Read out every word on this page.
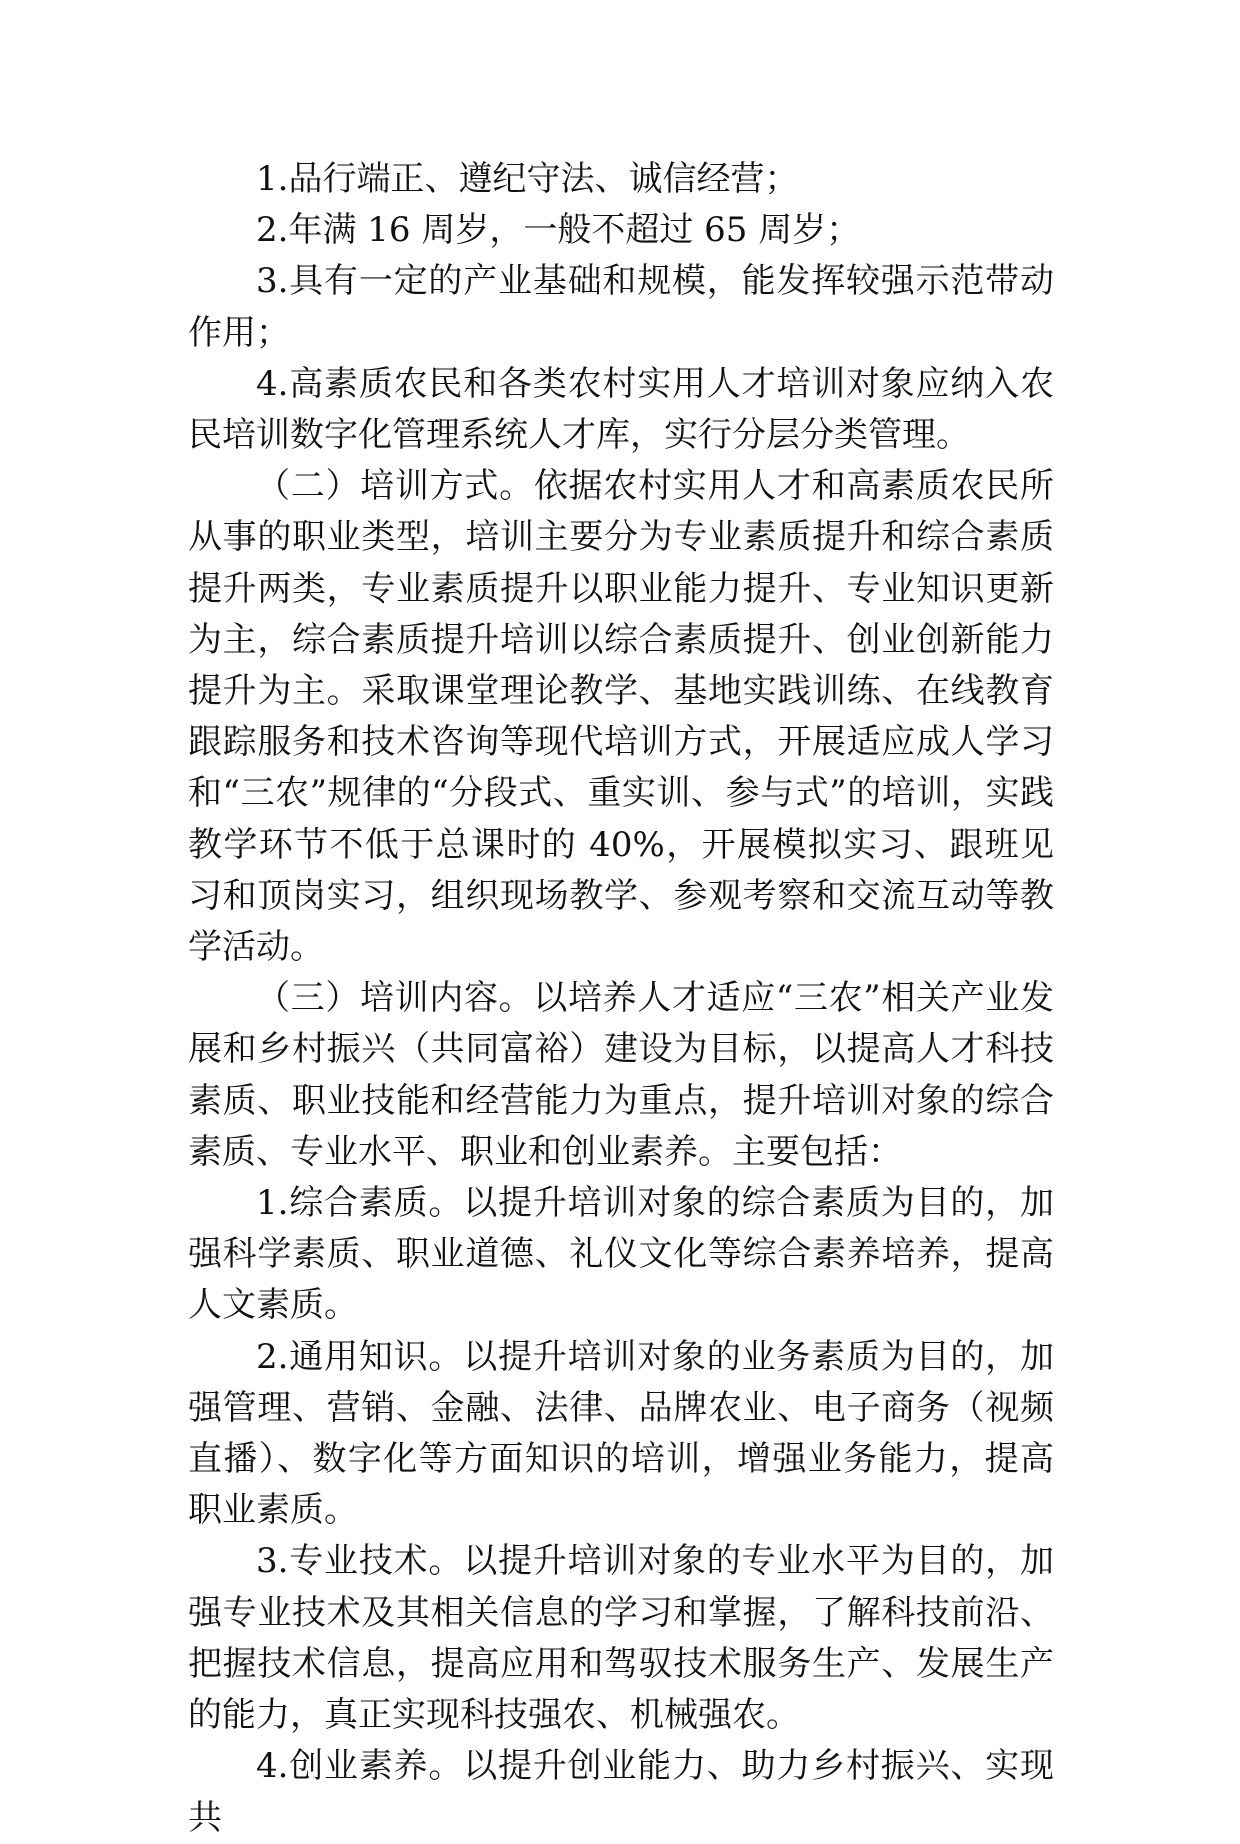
1.品行端正、遵纪守法、诚信经营；

2.年满 16 周岁，一般不超过 65 周岁；

3.具有一定的产业基础和规模，能发挥较强示范带动作用；

4.高素质农民和各类农村实用人才培训对象应纳入农民培训数字化管理系统人才库，实行分层分类管理。

（二）培训方式。依据农村实用人才和高素质农民所从事的职业类型，培训主要分为专业素质提升和综合素质提升两类，专业素质提升以职业能力提升、专业知识更新为主，综合素质提升培训以综合素质提升、创业创新能力提升为主。采取课堂理论教学、基地实践训练、在线教育跟踪服务和技术咨询等现代培训方式，开展适应成人学习和“三农”规律的“分段式、重实训、参与式”的培训，实践教学环节不低于总课时的 40%，开展模拟实习、跟班见习和顶岗实习，组织现场教学、参观考察和交流互动等教学活动。

（三）培训内容。以培养人才适应“三农”相关产业发展和乡村振兴（共同富裕）建设为目标，以提高人才科技素质、职业技能和经营能力为重点，提升培训对象的综合素质、专业水平、职业和创业素养。主要包括：

1.综合素质。以提升培训对象的综合素质为目的，加强科学素质、职业道德、礼仪文化等综合素养培养，提高人文素质。

2.通用知识。以提升培训对象的业务素质为目的，加强管理、营销、金融、法律、品牌农业、电子商务（视频直播）、数字化等方面知识的培训，增强业务能力，提高职业素质。

3.专业技术。以提升培训对象的专业水平为目的，加强专业技术及其相关信息的学习和掌握，了解科技前沿、把握技术信息，提高应用和驾驭技术服务生产、发展生产的能力，真正实现科技强农、机械强农。

4.创业素养。以提升创业能力、助力乡村振兴、实现共
